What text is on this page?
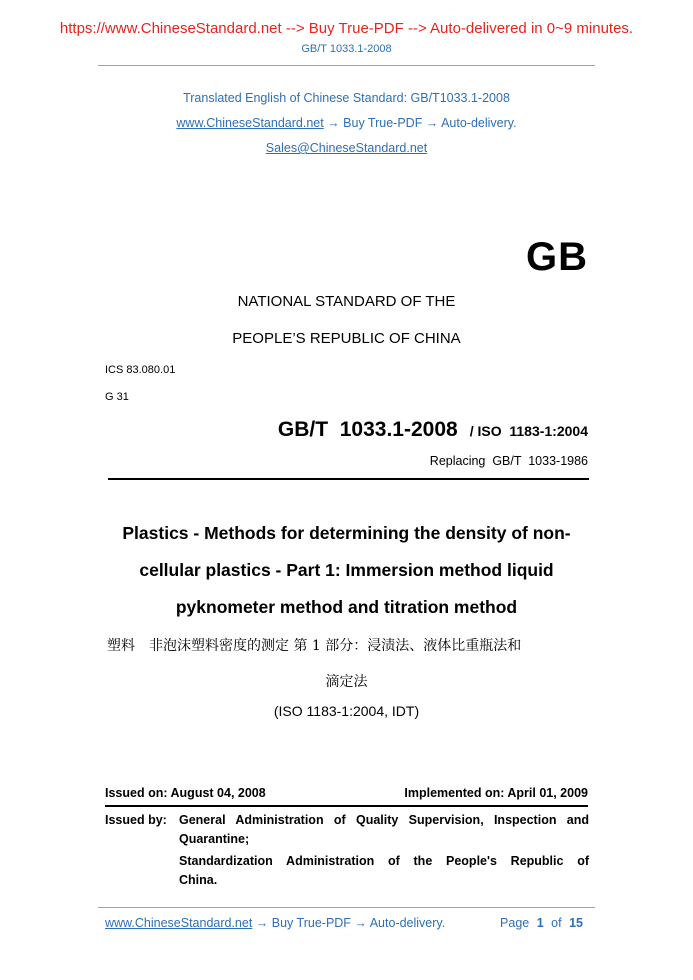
https://www.ChineseStandard.net --> Buy True-PDF --> Auto-delivered in 0~9 minutes.
GB/T 1033.1-2008
Translated English of Chinese Standard: GB/T1033.1-2008
www.ChineseStandard.net → Buy True-PDF → Auto-delivery.
Sales@ChineseStandard.net
GB
NATIONAL STANDARD OF THE
PEOPLE’S REPUBLIC OF CHINA
ICS 83.080.01
G 31
GB/T  1033.1-2008 / ISO  1183-1:2004
Replacing  GB/T  1033-1986
Plastics - Methods for determining the density of non-
cellular plastics - Part 1: Immersion method liquid
pyknometer method and titration method
塑料　非泡沫塑料密度的测定 第 1 部分：浸渍法、液体比重瓶法和
滴定法
(ISO 1183-1:2004, IDT)
Issued on: August 04, 2008	Implemented on: April 01, 2009
Issued by: General Administration of Quality Supervision, Inspection and
Quarantine;
Standardization Administration of the People's Republic of
China.
www.ChineseStandard.net → Buy True-PDF → Auto-delivery.	Page 1 of 15
